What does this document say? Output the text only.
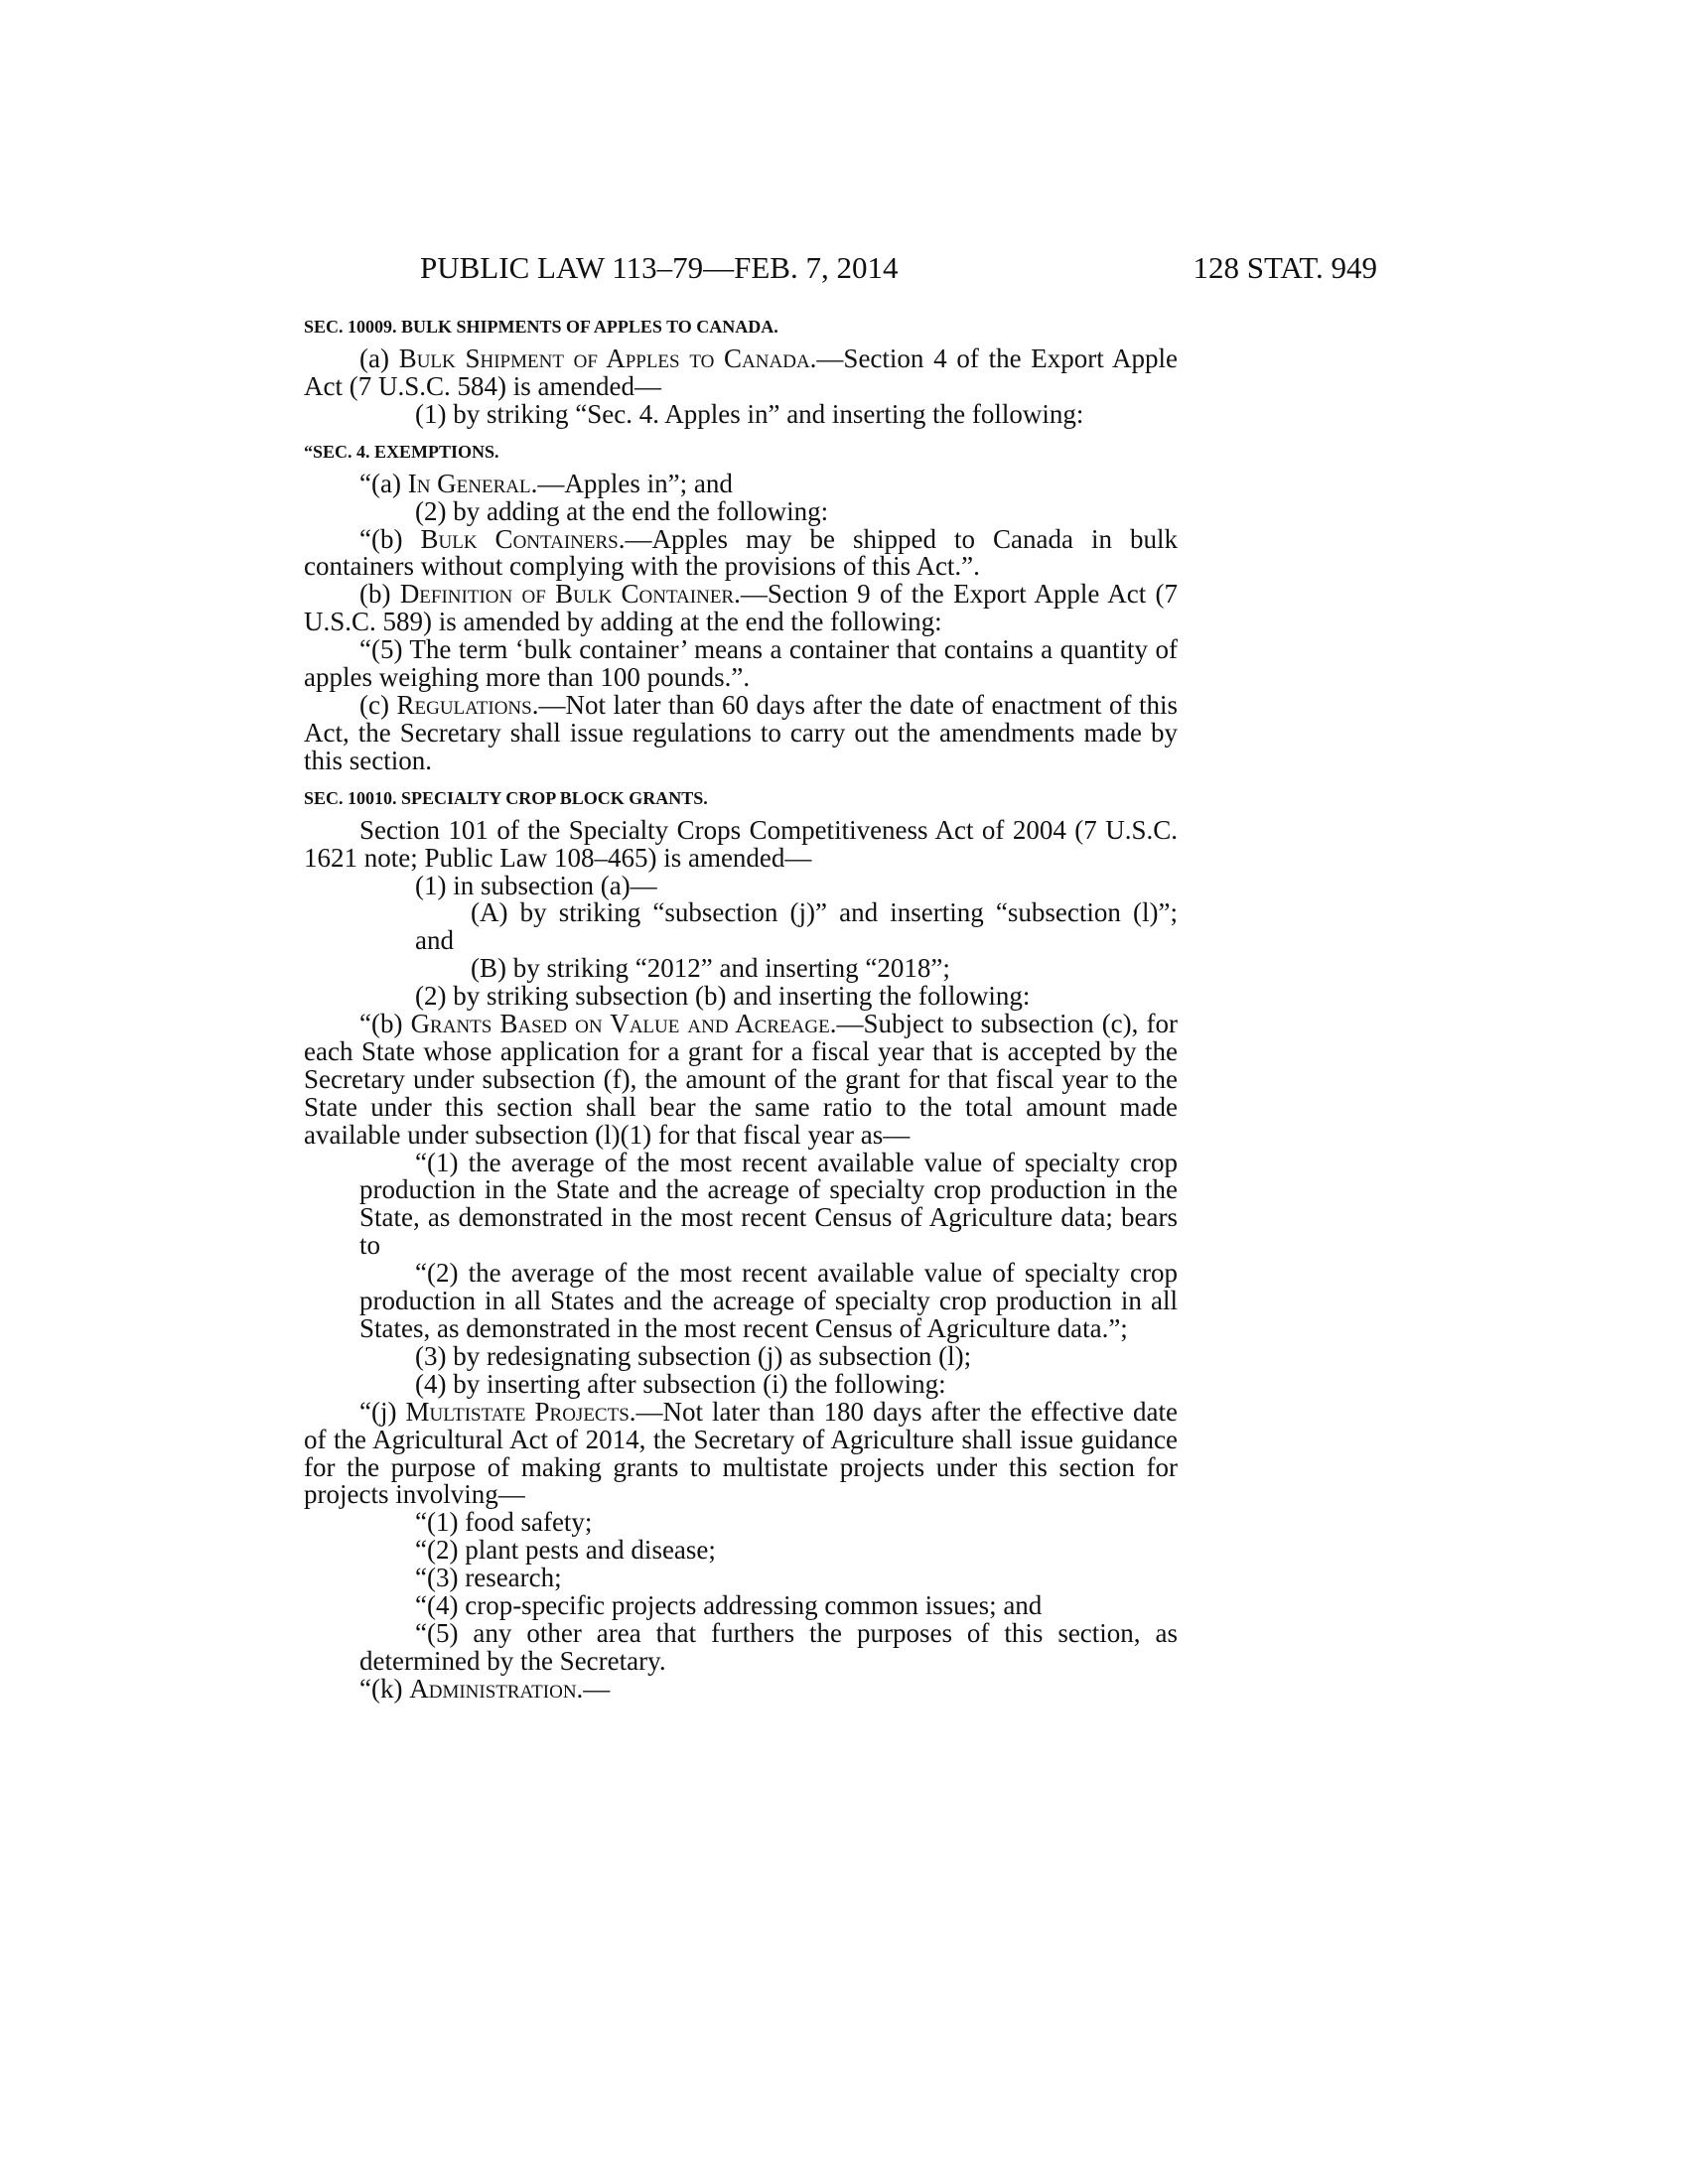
PUBLIC LAW 113–79—FEB. 7, 2014	128 STAT. 949

SEC. 10009. BULK SHIPMENTS OF APPLES TO CANADA.

(a) Bulk Shipment of Apples to Canada.—Section 4 of the Export Apple Act (7 U.S.C. 584) is amended—

(1) by striking “Sec. 4. Apples in” and inserting the following:

“SEC. 4. EXEMPTIONS.

“(a) In General.—Apples in”; and

(2) by adding at the end the following:

“(b) Bulk Containers.—Apples may be shipped to Canada in bulk containers without complying with the provisions of this Act.”.

(b) Definition of Bulk Container.—Section 9 of the Export Apple Act (7 U.S.C. 589) is amended by adding at the end the following:

“(5) The term ‘bulk container’ means a container that contains a quantity of apples weighing more than 100 pounds.”.

(c) Regulations.—Not later than 60 days after the date of enactment of this Act, the Secretary shall issue regulations to carry out the amendments made by this section.

SEC. 10010. SPECIALTY CROP BLOCK GRANTS.

Section 101 of the Specialty Crops Competitiveness Act of 2004 (7 U.S.C. 1621 note; Public Law 108–465) is amended—

(1) in subsection (a)—

(A) by striking “subsection (j)” and inserting “subsection (l)”; and

(B) by striking “2012” and inserting “2018”;

(2) by striking subsection (b) and inserting the following:

“(b) Grants Based on Value and Acreage.—Subject to subsection (c), for each State whose application for a grant for a fiscal year that is accepted by the Secretary under subsection (f), the amount of the grant for that fiscal year to the State under this section shall bear the same ratio to the total amount made available under subsection (l)(1) for that fiscal year as—

“(1) the average of the most recent available value of specialty crop production in the State and the acreage of specialty crop production in the State, as demonstrated in the most recent Census of Agriculture data; bears to

“(2) the average of the most recent available value of specialty crop production in all States and the acreage of specialty crop production in all States, as demonstrated in the most recent Census of Agriculture data.”;

(3) by redesignating subsection (j) as subsection (l);

(4) by inserting after subsection (i) the following:

“(j) Multistate Projects.—Not later than 180 days after the effective date of the Agricultural Act of 2014, the Secretary of Agriculture shall issue guidance for the purpose of making grants to multistate projects under this section for projects involving—

“(1) food safety;

“(2) plant pests and disease;

“(3) research;

“(4) crop-specific projects addressing common issues; and

“(5) any other area that furthers the purposes of this section, as determined by the Secretary.

“(k) Administration.—
